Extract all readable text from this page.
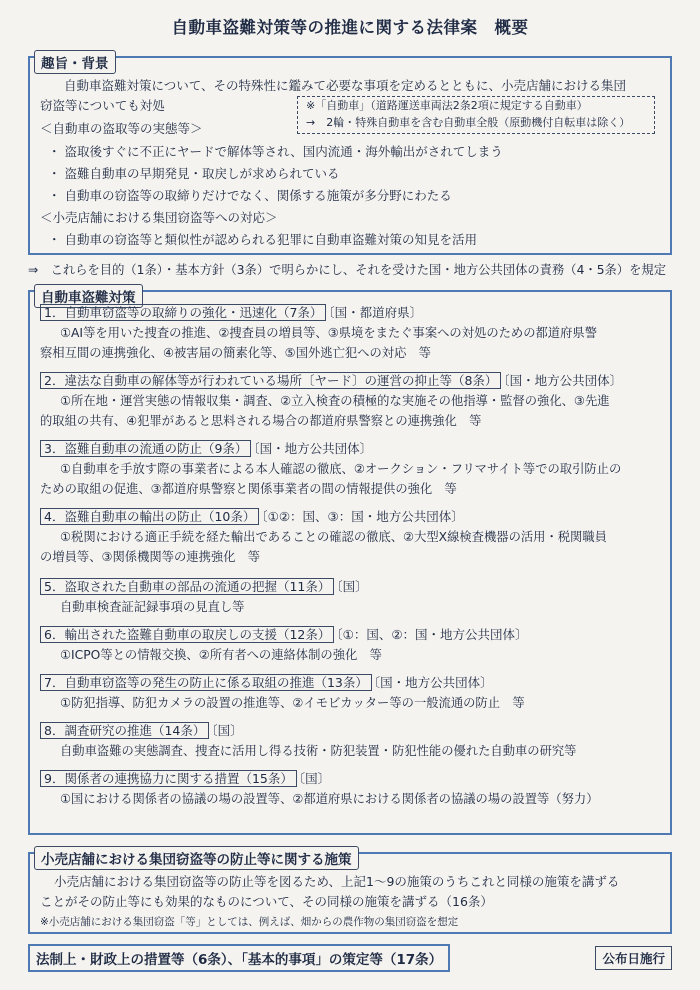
自動車盗難対策等の推進に関する法律案　概要
趣旨・背景
自動車盗難対策について、その特殊性に鑑みて必要な事項を定めるとともに、小売店舗における集団
窃盗等についても対処	※「自動車」（道路運送車両法2条2項に規定する自動車）
→　2輪・特殊自動車を含む自動車全般（原動機付自転車は除く）
＜自動車の盗取等の実態等＞
・ 盗取後すぐに不正にヤードで解体等され、国内流通・海外輸出がされてしまう
・ 盗難自動車の早期発見・取戻しが求められている
・ 自動車の窃盗等の取締りだけでなく、関係する施策が多分野にわたる
＜小売店舗における集団窃盗等への対応＞
・ 自動車の窃盗等と類似性が認められる犯罪に自動車盗難対策の知見を活用
⇒　これらを目的（1条）・基本方針（3条）で明らかにし、それを受けた国・地方公共団体の責務（4・5条）を規定
自動車盗難対策
1．自動車窃盗等の取締りの強化・迅速化（7条） 〔国・都道府県〕
①AI等を用いた捜査の推進、②捜査員の増員等、③県境をまたぐ事案への対処のための都道府県警
察相互間の連携強化、④被害届の簡素化等、⑤国外逃亡犯への対応　等
2．違法な自動車の解体等が行われている場所〔ヤード〕の運営の抑止等（8条） 〔国・地方公共団体〕
①所在地・運営実態の情報収集・調査、②立入検査の積極的な実施その他指導・監督の強化、③先進
的取組の共有、④犯罪があると思料される場合の都道府県警察との連携強化　等
3．盗難自動車の流通の防止（9条） 〔国・地方公共団体〕
①自動車を手放す際の事業者による本人確認の徹底、②オークション・フリマサイト等での取引防止の
ための取組の促進、③都道府県警察と関係事業者の間の情報提供の強化　等
4．盗難自動車の輸出の防止（10条） 〔①②：国、③：国・地方公共団体〕
①税関における適正手続を経た輸出であることの確認の徹底、②大型X線検査機器の活用・税関職員
の増員等、③関係機関等の連携強化　等
5．盗取された自動車の部品の流通の把握（11条） 〔国〕
自動車検査証記録事項の見直し等
6．輸出された盗難自動車の取戻しの支援（12条） 〔①：国、②：国・地方公共団体〕
①ICPO等との情報交換、②所有者への連絡体制の強化　等
7．自動車窃盗等の発生の防止に係る取組の推進（13条） 〔国・地方公共団体〕
①防犯指導、防犯カメラの設置の推進等、②イモビカッター等の一般流通の防止　等
8．調査研究の推進（14条） 〔国〕
自動車盗難の実態調査、捜査に活用し得る技術・防犯装置・防犯性能の優れた自動車の研究等
9．関係者の連携協力に関する措置（15条） 〔国〕
①国における関係者の協議の場の設置等、②都道府県における関係者の協議の場の設置等（努力）
小売店舗における集団窃盗等の防止等に関する施策
小売店舗における集団窃盗等の防止等を図るため、上記1～9の施策のうちこれと同様の施策を講ずる
ことがその防止等にも効果的なものについて、その同様の施策を講ずる（16条）
※小売店舗における集団窃盗「等」としては、例えば、畑からの農作物の集団窃盗を想定
法制上・財政上の措置等（6条）、「基本的事項」の策定等（17条）	公布日施行
